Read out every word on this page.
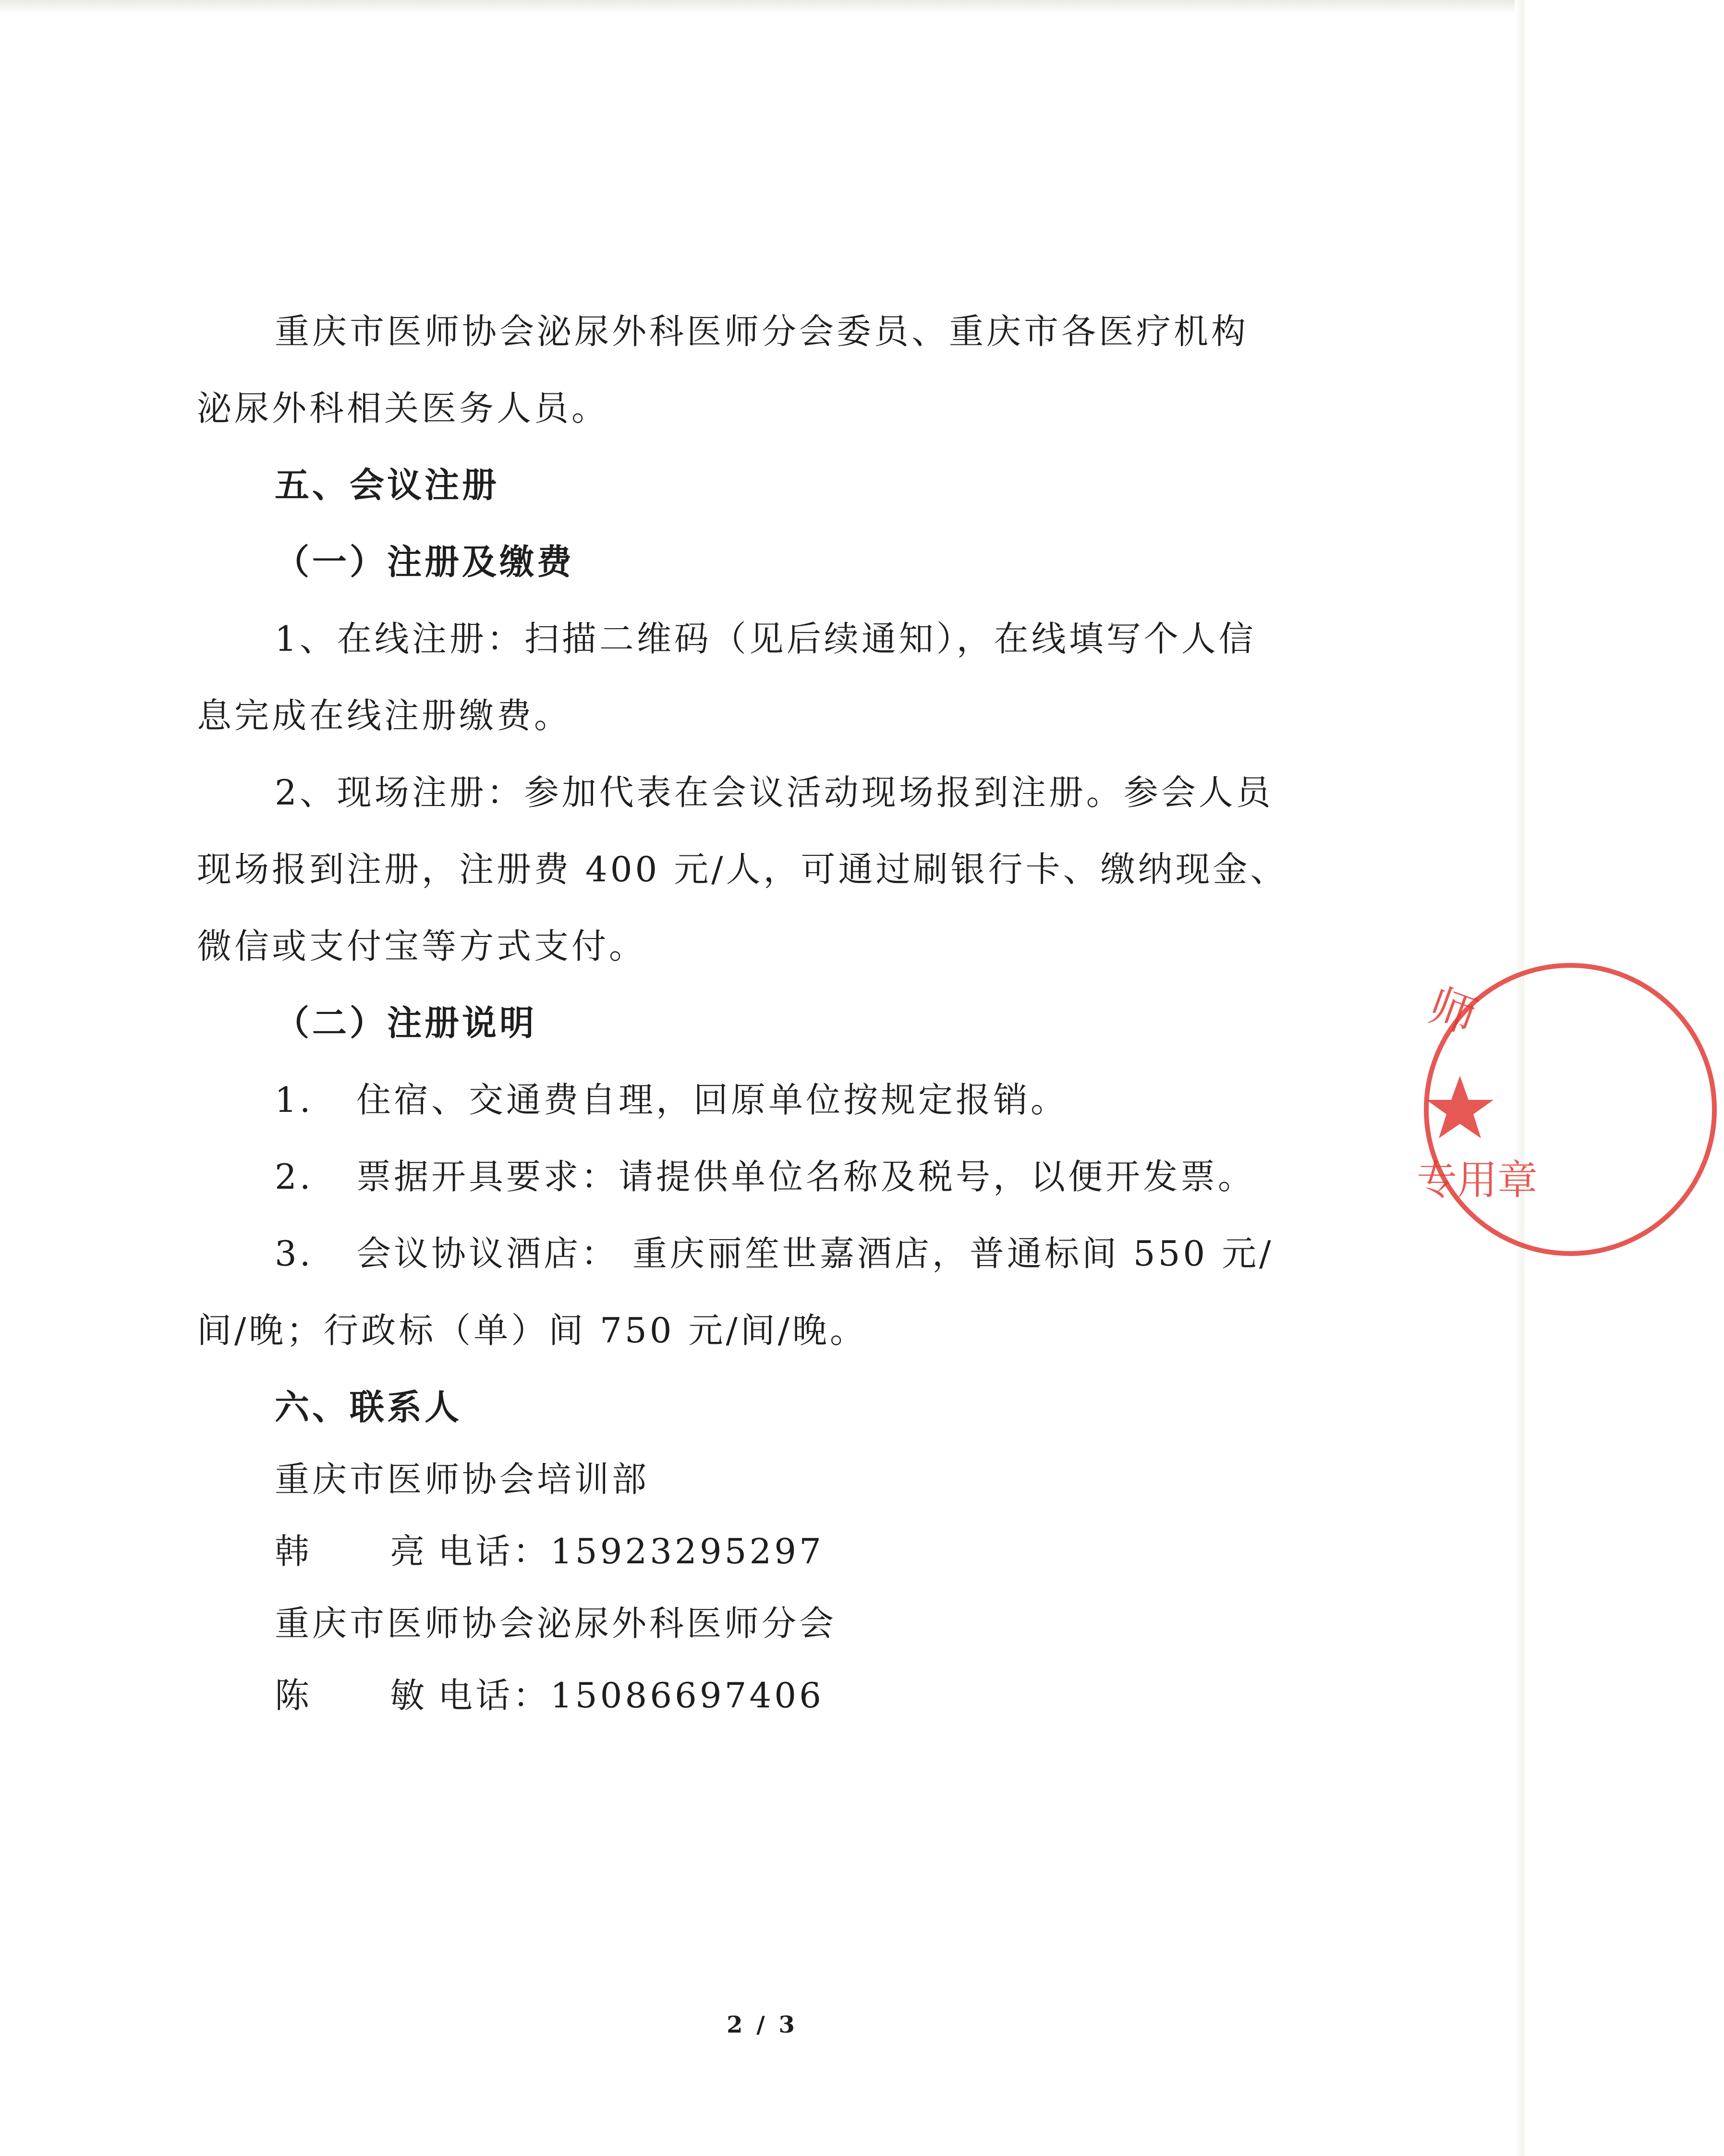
重庆市医师协会泌尿外科医师分会委员、重庆市各医疗机构
泌尿外科相关医务人员。
五、会议注册
（一）注册及缴费
1、在线注册：扫描二维码（见后续通知），在线填写个人信
息完成在线注册缴费。
2、现场注册：参加代表在会议活动现场报到注册。参会人员
现场报到注册，注册费 400 元/人，可通过刷银行卡、缴纳现金、
微信或支付宝等方式支付。
（二）注册说明
1. 住宿、交通费自理，回原单位按规定报销。
2. 票据开具要求：请提供单位名称及税号，以便开发票。
3. 会议协议酒店： 重庆丽笙世嘉酒店，普通标间 550 元/
间/晚；行政标（单）间 750 元/间/晚。
六、联系人
重庆市医师协会培训部
韩 亮 电话：15923295297
重庆市医师协会泌尿外科医师分会
陈 敏 电话：15086697406
2 / 3
师
专用章
